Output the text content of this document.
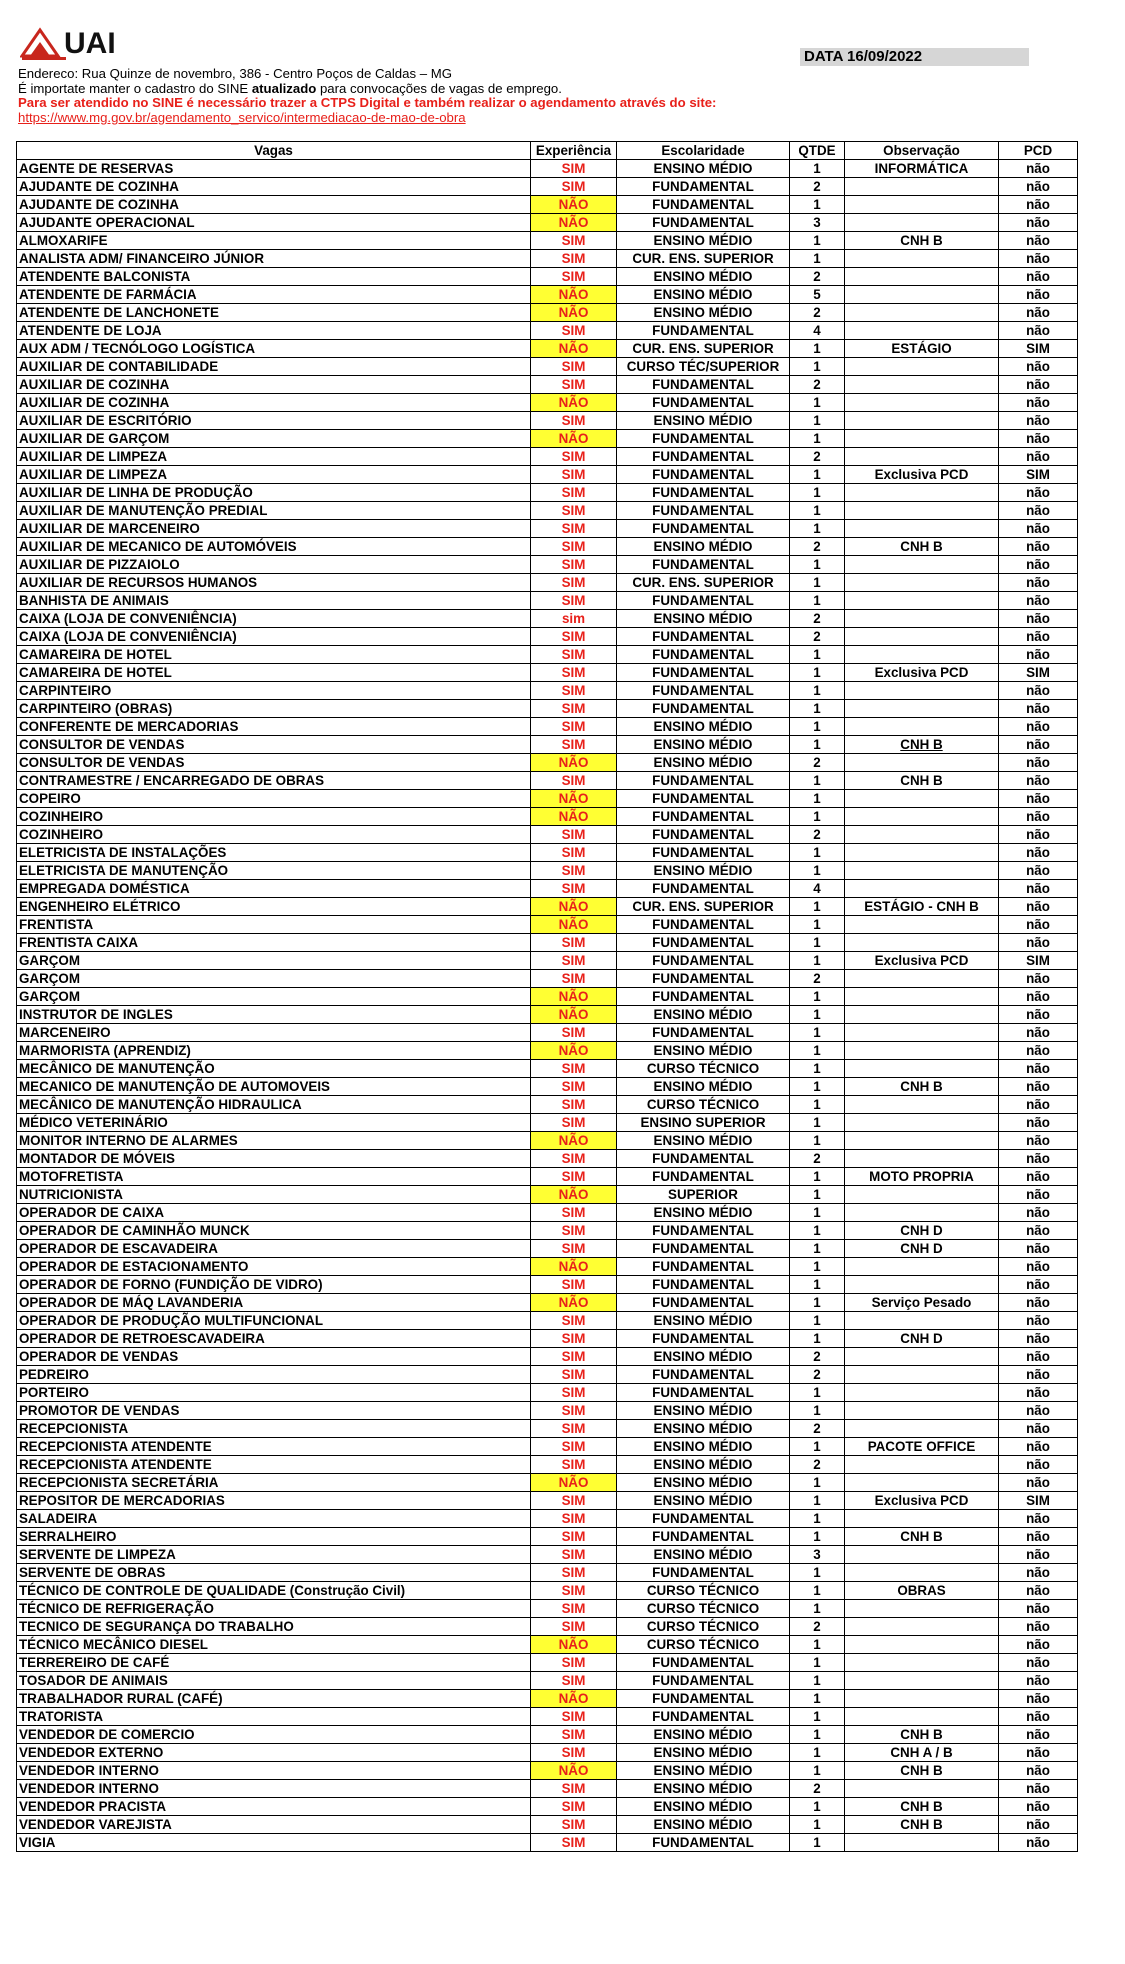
UAI	DATA 16/09/2022
Endereco: Rua Quinze de novembro, 386 - Centro Poços de Caldas – MG
É importate manter o cadastro do SINE atualizado para convocações de vagas de emprego.
Para ser atendido no SINE é necessário trazer a CTPS Digital e também realizar o agendamento através do site:
https://www.mg.gov.br/agendamento_servico/intermediacao-de-mao-de-obra
Vagas	Experiência	Escolaridade	QTDE	Observação	PCD
AGENTE DE RESERVAS	SIM	ENSINO MÉDIO	1	INFORMÁTICA	não
AJUDANTE DE COZINHA	SIM	FUNDAMENTAL	2		não
AJUDANTE DE COZINHA	NÃO	FUNDAMENTAL	1		não
AJUDANTE OPERACIONAL	NÃO	FUNDAMENTAL	3		não
ALMOXARIFE	SIM	ENSINO MÉDIO	1	CNH B	não
ANALISTA ADM/ FINANCEIRO JÚNIOR	SIM	CUR. ENS. SUPERIOR	1		não
ATENDENTE BALCONISTA	SIM	ENSINO MÉDIO	2		não
ATENDENTE DE FARMÁCIA	NÃO	ENSINO MÉDIO	5		não
ATENDENTE DE LANCHONETE	NÃO	ENSINO MÉDIO	2		não
ATENDENTE DE LOJA	SIM	FUNDAMENTAL	4		não
AUX ADM / TECNÓLOGO LOGÍSTICA	NÃO	CUR. ENS. SUPERIOR	1	ESTÁGIO	SIM
AUXILIAR DE CONTABILIDADE	SIM	CURSO TÉC/SUPERIOR	1		não
AUXILIAR DE COZINHA	SIM	FUNDAMENTAL	2		não
AUXILIAR DE COZINHA	NÃO	FUNDAMENTAL	1		não
AUXILIAR DE ESCRITÓRIO	SIM	ENSINO MÉDIO	1		não
AUXILIAR DE GARÇOM	NÃO	FUNDAMENTAL	1		não
AUXILIAR DE LIMPEZA	SIM	FUNDAMENTAL	2		não
AUXILIAR DE LIMPEZA	SIM	FUNDAMENTAL	1	Exclusiva PCD	SIM
AUXILIAR DE LINHA DE PRODUÇÃO	SIM	FUNDAMENTAL	1		não
AUXILIAR DE MANUTENÇÃO PREDIAL	SIM	FUNDAMENTAL	1		não
AUXILIAR DE MARCENEIRO	SIM	FUNDAMENTAL	1		não
AUXILIAR DE MECANICO DE AUTOMÓVEIS	SIM	ENSINO MÉDIO	2	CNH B	não
AUXILIAR DE PIZZAIOLO	SIM	FUNDAMENTAL	1		não
AUXILIAR DE RECURSOS HUMANOS	SIM	CUR. ENS. SUPERIOR	1		não
BANHISTA DE ANIMAIS	SIM	FUNDAMENTAL	1		não
CAIXA (LOJA DE CONVENIÊNCIA)	sim	ENSINO MÉDIO	2		não
CAIXA (LOJA DE CONVENIÊNCIA)	SIM	FUNDAMENTAL	2		não
CAMAREIRA DE HOTEL	SIM	FUNDAMENTAL	1		não
CAMAREIRA DE HOTEL	SIM	FUNDAMENTAL	1	Exclusiva PCD	SIM
CARPINTEIRO	SIM	FUNDAMENTAL	1		não
CARPINTEIRO (OBRAS)	SIM	FUNDAMENTAL	1		não
CONFERENTE DE MERCADORIAS	SIM	ENSINO MÉDIO	1		não
CONSULTOR DE VENDAS	SIM	ENSINO MÉDIO	1	CNH B	não
CONSULTOR DE VENDAS	NÃO	ENSINO MÉDIO	2		não
CONTRAMESTRE / ENCARREGADO DE OBRAS	SIM	FUNDAMENTAL	1	CNH B	não
COPEIRO	NÃO	FUNDAMENTAL	1		não
COZINHEIRO	NÃO	FUNDAMENTAL	1		não
COZINHEIRO	SIM	FUNDAMENTAL	2		não
ELETRICISTA DE INSTALAÇÕES	SIM	FUNDAMENTAL	1		não
ELETRICISTA DE MANUTENÇÃO	SIM	ENSINO MÉDIO	1		não
EMPREGADA DOMÉSTICA	SIM	FUNDAMENTAL	4		não
ENGENHEIRO ELÉTRICO	NÃO	CUR. ENS. SUPERIOR	1	ESTÁGIO - CNH B	não
FRENTISTA	NÃO	FUNDAMENTAL	1		não
FRENTISTA CAIXA	SIM	FUNDAMENTAL	1		não
GARÇOM	SIM	FUNDAMENTAL	1	Exclusiva PCD	SIM
GARÇOM	SIM	FUNDAMENTAL	2		não
GARÇOM	NÃO	FUNDAMENTAL	1		não
INSTRUTOR DE INGLES	NÃO	ENSINO MÉDIO	1		não
MARCENEIRO	SIM	FUNDAMENTAL	1		não
MARMORISTA (APRENDIZ)	NÃO	ENSINO MÉDIO	1		não
MECÂNICO DE MANUTENÇÃO	SIM	CURSO TÉCNICO	1		não
MECANICO DE MANUTENÇÃO DE AUTOMOVEIS	SIM	ENSINO MÉDIO	1	CNH B	não
MECÂNICO DE MANUTENÇÃO HIDRAULICA	SIM	CURSO TÉCNICO	1		não
MÉDICO VETERINÁRIO	SIM	ENSINO SUPERIOR	1		não
MONITOR INTERNO DE ALARMES	NÃO	ENSINO MÉDIO	1		não
MONTADOR DE MÓVEIS	SIM	FUNDAMENTAL	2		não
MOTOFRETISTA	SIM	FUNDAMENTAL	1	MOTO PROPRIA	não
NUTRICIONISTA	NÃO	SUPERIOR	1		não
OPERADOR DE CAIXA	SIM	ENSINO MÉDIO	1		não
OPERADOR DE CAMINHÃO MUNCK	SIM	FUNDAMENTAL	1	CNH D	não
OPERADOR DE ESCAVADEIRA	SIM	FUNDAMENTAL	1	CNH D	não
OPERADOR DE ESTACIONAMENTO	NÃO	FUNDAMENTAL	1		não
OPERADOR DE FORNO (FUNDIÇÃO DE VIDRO)	SIM	FUNDAMENTAL	1		não
OPERADOR DE MÁQ LAVANDERIA	NÃO	FUNDAMENTAL	1	Serviço Pesado	não
OPERADOR DE PRODUÇÃO MULTIFUNCIONAL	SIM	ENSINO MÉDIO	1		não
OPERADOR DE RETROESCAVADEIRA	SIM	FUNDAMENTAL	1	CNH D	não
OPERADOR DE VENDAS	SIM	ENSINO MÉDIO	2		não
PEDREIRO	SIM	FUNDAMENTAL	2		não
PORTEIRO	SIM	FUNDAMENTAL	1		não
PROMOTOR DE VENDAS	SIM	ENSINO MÉDIO	1		não
RECEPCIONISTA	SIM	ENSINO MÉDIO	2		não
RECEPCIONISTA ATENDENTE	SIM	ENSINO MÉDIO	1	PACOTE OFFICE	não
RECEPCIONISTA ATENDENTE	SIM	ENSINO MÉDIO	2		não
RECEPCIONISTA SECRETÁRIA	NÃO	ENSINO MÉDIO	1		não
REPOSITOR DE MERCADORIAS	SIM	ENSINO MÉDIO	1	Exclusiva PCD	SIM
SALADEIRA	SIM	FUNDAMENTAL	1		não
SERRALHEIRO	SIM	FUNDAMENTAL	1	CNH B	não
SERVENTE DE LIMPEZA	SIM	ENSINO MÉDIO	3		não
SERVENTE DE OBRAS	SIM	FUNDAMENTAL	1		não
TÉCNICO DE CONTROLE DE QUALIDADE (Construção Civil)	SIM	CURSO TÉCNICO	1	OBRAS	não
TÉCNICO DE REFRIGERAÇÃO	SIM	CURSO TÉCNICO	1		não
TECNICO DE SEGURANÇA DO TRABALHO	SIM	CURSO TÉCNICO	2		não
TÉCNICO MECÂNICO DIESEL	NÃO	CURSO TÉCNICO	1		não
TERREREIRO DE CAFÉ	SIM	FUNDAMENTAL	1		não
TOSADOR DE ANIMAIS	SIM	FUNDAMENTAL	1		não
TRABALHADOR RURAL (CAFÉ)	NÃO	FUNDAMENTAL	1		não
TRATORISTA	SIM	FUNDAMENTAL	1		não
VENDEDOR DE COMERCIO	SIM	ENSINO MÉDIO	1	CNH B	não
VENDEDOR EXTERNO	SIM	ENSINO MÉDIO	1	CNH A / B	não
VENDEDOR INTERNO	NÃO	ENSINO MÉDIO	1	CNH B	não
VENDEDOR INTERNO	SIM	ENSINO MÉDIO	2		não
VENDEDOR PRACISTA	SIM	ENSINO MÉDIO	1	CNH B	não
VENDEDOR VAREJISTA	SIM	ENSINO MÉDIO	1	CNH B	não
VIGIA	SIM	FUNDAMENTAL	1		não
